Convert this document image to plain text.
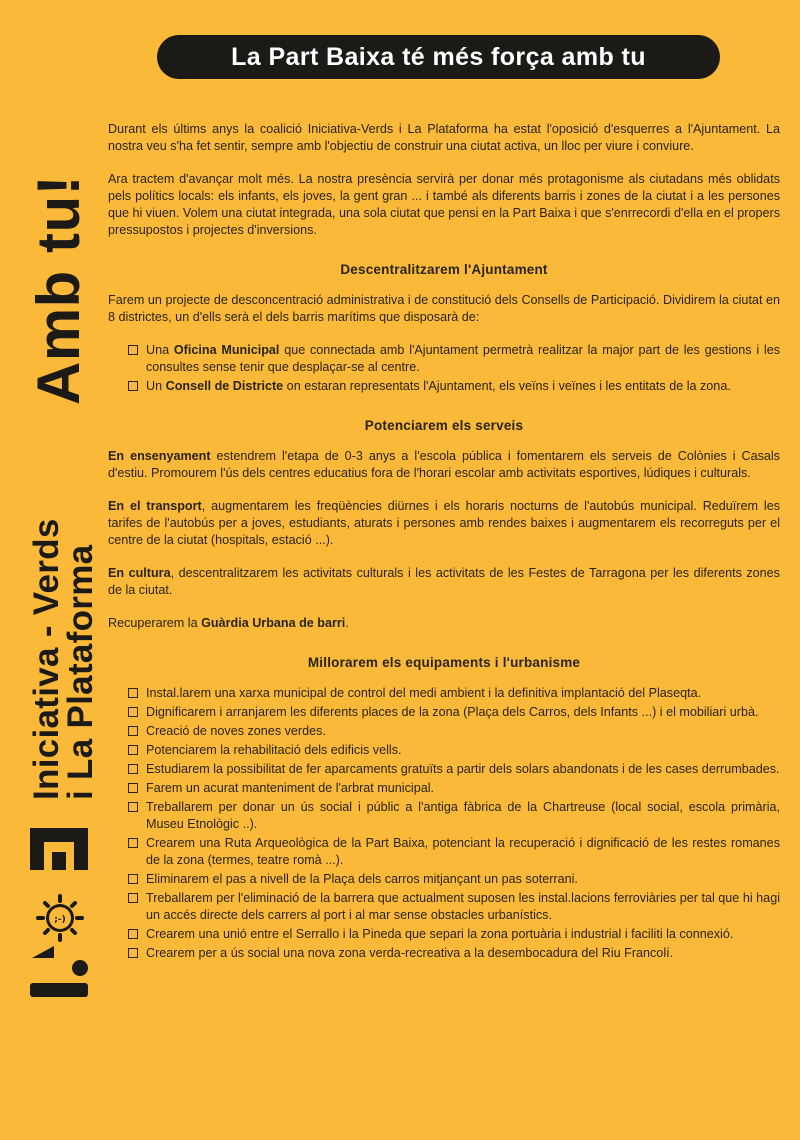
La Part Baixa té més força amb tu
Amb tu!
Iniciativa - Verds
i La Plataforma
;-)

Durant els últims anys la coalició Iniciativa-Verds i La Plataforma ha estat l'oposició d'esquerres a l'Ajuntament. La nostra veu s'ha fet sentir, sempre amb l'objectiu de construir una ciutat activa, un lloc per viure i conviure.

Ara tractem d'avançar molt més. La nostra presència servirà per donar més protagonisme als ciutadans més oblidats pels polítics locals: els infants, els joves, la gent gran ... i també als diferents barris i zones de la ciutat i a les persones que hi viuen. Volem una ciutat integrada, una sola ciutat que pensi en la Part Baixa i que s'enrrecordi d'ella en el propers pressupostos i projectes d'inversions.

Descentralitzarem l'Ajuntament

Farem un projecte de desconcentració administrativa i de constitució dels Consells de Participació. Dividirem la ciutat en 8 districtes, un d'ells serà el dels barris marítims que disposarà de:

Una Oficina Municipal que connectada amb l'Ajuntament permetrà realitzar la major part de les gestions i les consultes sense tenir que desplaçar-se al centre.
Un Consell de Districte on estaran representats l'Ajuntament, els veïns i veïnes i les entitats de la zona.
Potenciarem els serveis

En ensenyament estendrem l'etapa de 0-3 anys a l'escola pública i fomentarem els serveis de Colònies i Casals d'estiu. Promourem l'ús dels centres educatius fora de l'horari escolar amb activitats esportives, lúdiques i culturals.

En el transport, augmentarem les freqüències diürnes i els horaris nocturns de l'autobús municipal. Reduïrem les tarifes de l'autobús per a joves, estudiants, aturats i persones amb rendes baixes i augmentarem els recorreguts per el centre de la ciutat (hospitals, estació ...).

En cultura, descentralitzarem les activitats culturals i les activitats de les Festes de Tarragona per les diferents zones de la ciutat.

Recuperarem la Guàrdia Urbana de barri.

Millorarem els equipaments i l'urbanisme
Instal.larem una xarxa municipal de control del medi ambient i la definitiva implantació del Plaseqta.
Dignificarem i arranjarem les diferents places de la zona (Plaça dels Carros, dels Infants ...) i el mobiliari urbà.
Creació de noves zones verdes.
Potenciarem la rehabilitació dels edificis vells.
Estudiarem la possibilitat de fer aparcaments gratuïts a partir dels solars abandonats i de les cases derrumbades.
Farem un acurat manteniment de l'arbrat municipal.
Treballarem per donar un ús social i públic a l'antiga fàbrica de la Chartreuse (local social, escola primària, Museu Etnològic ..).
Crearem una Ruta Arqueològica de la Part Baixa, potenciant la recuperació i dignificació de les restes romanes de la zona (termes, teatre romà ...).
Eliminarem el pas a nivell de la Plaça dels carros mitjançant un pas soterrani.
Treballarem per l'eliminació de la barrera que actualment suposen les instal.lacions ferroviàries per tal que hi hagi un accés directe dels carrers al port i al mar sense obstacles urbanístics.
Crearem una unió entre el Serrallo i la Pineda que separi la zona portuària i industrial i faciliti la connexió.
Crearem per a ús social una nova zona verda-recreativa a la desembocadura del Riu Francolí.
